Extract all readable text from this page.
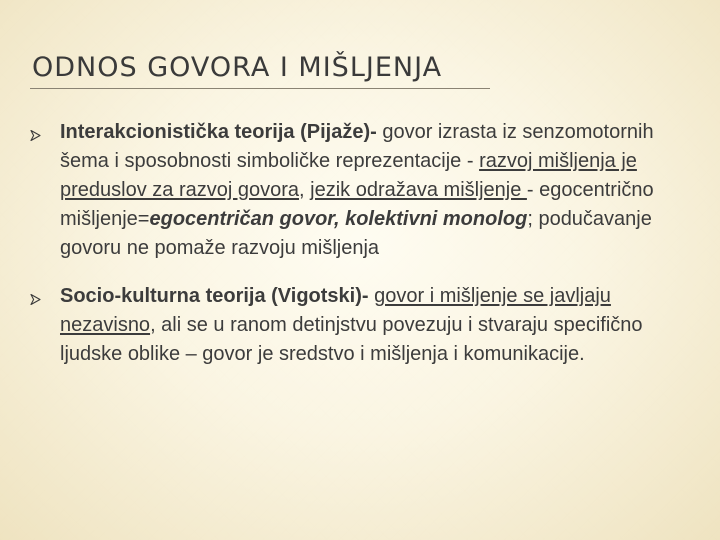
ODNOS GOVORA I MIŠLJENJA
Interakcionistička teorija (Pijaže)- govor izrasta iz senzomotornih šema i sposobnosti simboličke reprezentacije - razvoj mišljenja je preduslov za razvoj govora, jezik odražava mišljenje - egocentrično mišljenje=egocentričan govor, kolektivni monolog; podučavanje govoru ne pomaže razvoju mišljenja
Socio-kulturna teorija (Vigotski)- govor i mišljenje se javljaju nezavisno, ali se u ranom detinjstvu povezuju i stvaraju specifično ljudske oblike – govor je sredstvo i mišljenja i komunikacije.
